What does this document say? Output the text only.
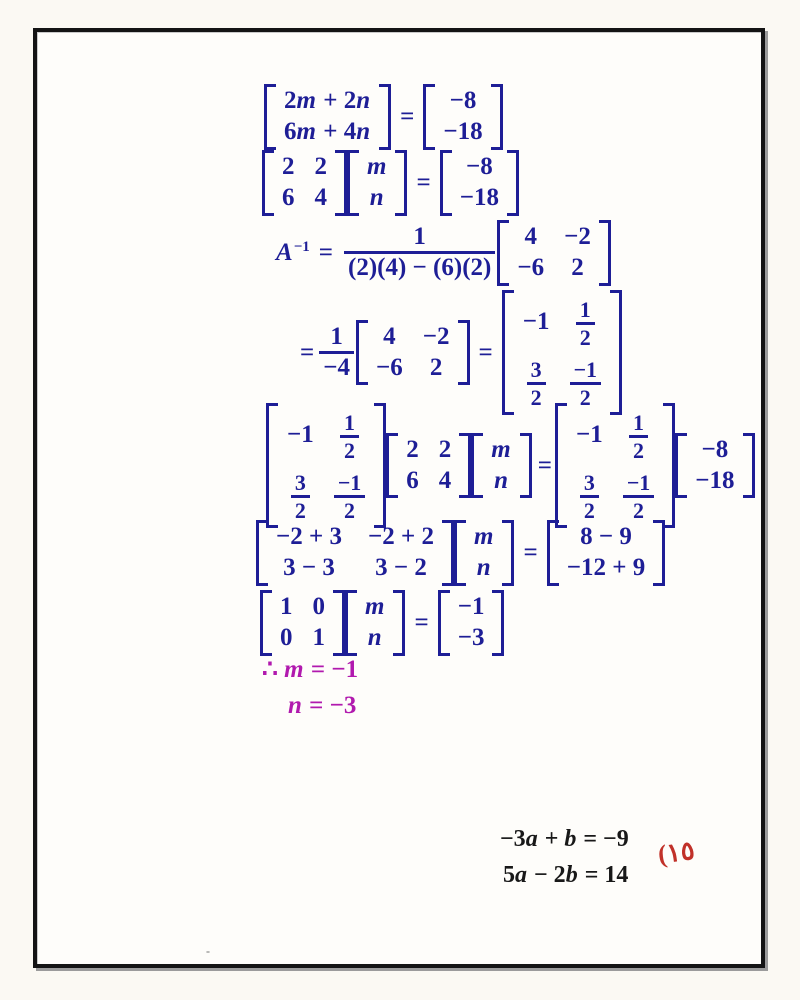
2m + 2n
6m + 4n
=
−8
−18
2 2
6 4
m
n
=
−8
−18
$A^{-1} = \frac{1}{(2)(4) - (6)(2)} 4 -2$
−6 2
= $\frac{1}{-4} 4 -2$
−6 2
=
$-1 \frac{1}{2}$
$\frac{3}{2} \frac{-1}{2}$
$-1 \frac{1}{2}$
$\frac{3}{2} \frac{-1}{2}$
2 2
6 4
m
n
=
$-1 \frac{1}{2}$
$\frac{3}{2} \frac{-1}{2}$
−8
−18
−2 + 3 −2 + 2
3 − 3 3 − 2
m
n
=
8 − 9
−12 + 9
1 0
0 1
m
n
=
−1
−3
∴ m = −1
n = −3
−3a + b = −9
5a − 2b = 14
(١٥
-
